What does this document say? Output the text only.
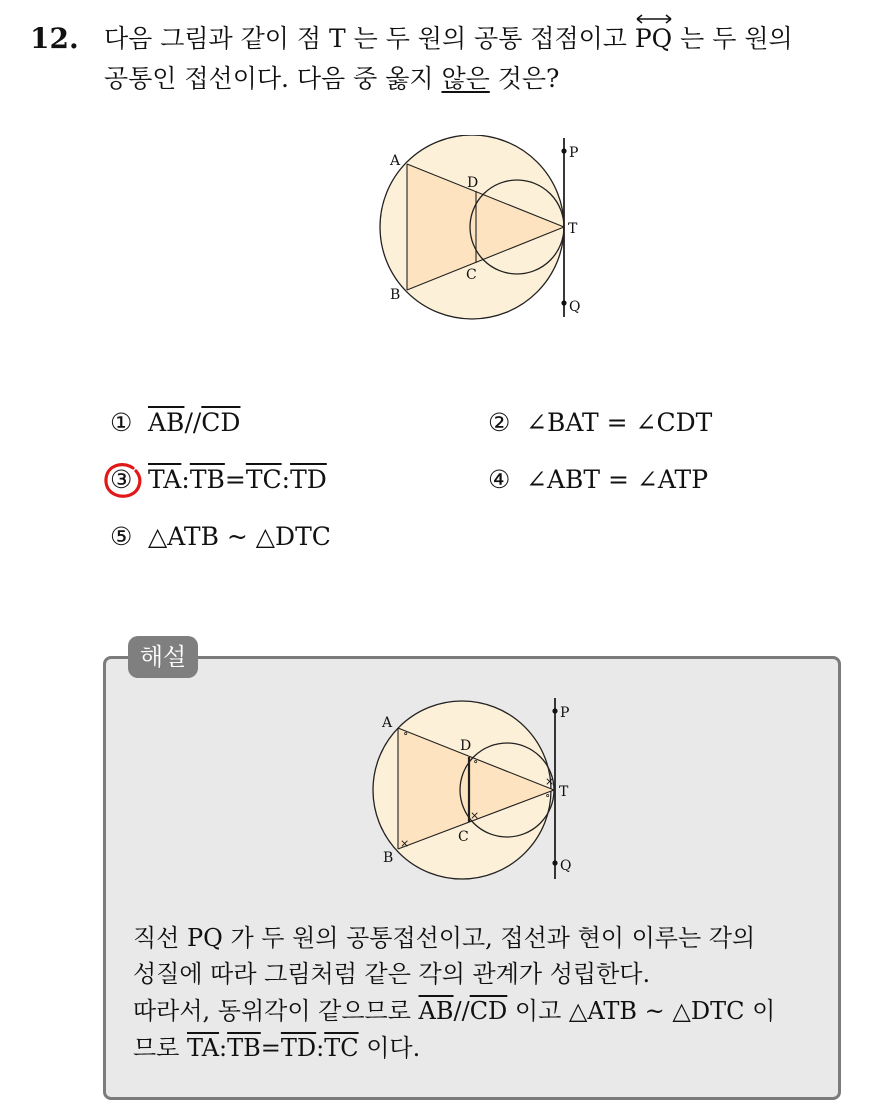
12. 다음 그림과 같이 점 T 는 두 원의 공통 접점이고
PQ 는 두 원의
공통인 접선이다. 다음 중 옳지 않은 것은?
A
B
C
D
T
P
Q
① $\overline{AB}//\overline{CD}$	② ∠BAT = ∠CDT
③ $\overline{TA}:\overline{TB}=\overline{TC}:\overline{TD}$	④ ∠ABT = ∠ATP
⑤ △ATB ~ △DTC
해설
∘
∘
∘
×
×
×
A
B
C
D
T
P
Q
직선 PQ 가 두 원의 공통접선이고, 접선과 현이 이루는 각의
성질에 따라 그림처럼 같은 각의 관계가 성립한다.
따라서, 동위각이 같으므로 $\overline{AB}//\overline{CD}$ 이고 △ATB ~ △DTC 이
므로 $\overline{TA}:\overline{TB}=\overline{TD}:\overline{TC}$ 이다.
